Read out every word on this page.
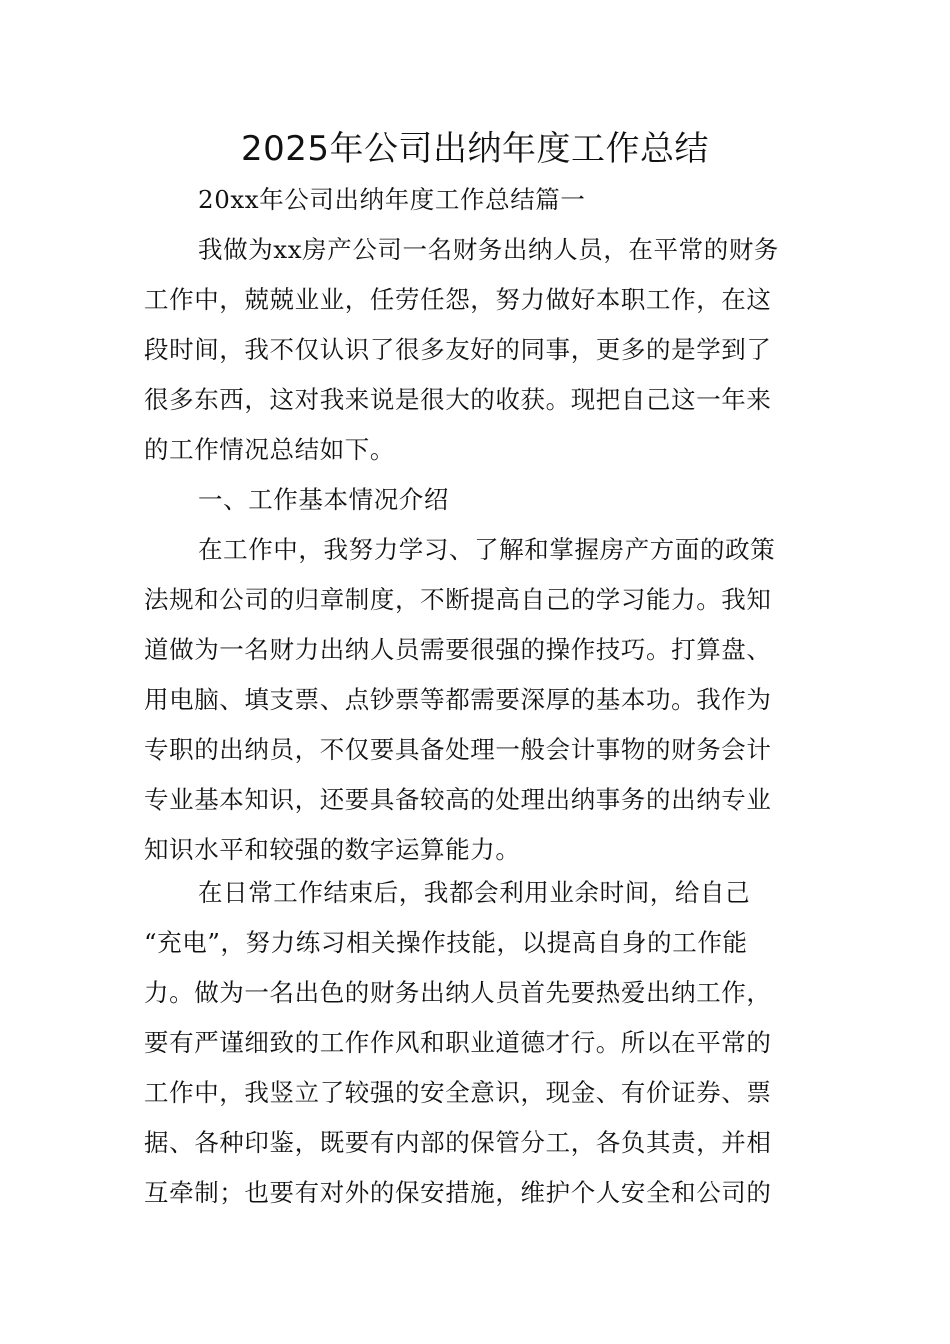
2025年公司出纳年度工作总结
20xx年公司出纳年度工作总结篇一
我做为xx房产公司一名财务出纳人员，在平常的财务
工作中，兢兢业业，任劳任怨，努力做好本职工作，在这
段时间，我不仅认识了很多友好的同事，更多的是学到了
很多东西，这对我来说是很大的收获。现把自己这一年来
的工作情况总结如下。
一、工作基本情况介绍
在工作中，我努力学习、了解和掌握房产方面的政策
法规和公司的归章制度，不断提高自己的学习能力。我知
道做为一名财力出纳人员需要很强的操作技巧。打算盘、
用电脑、填支票、点钞票等都需要深厚的基本功。我作为
专职的出纳员，不仅要具备处理一般会计事物的财务会计
专业基本知识，还要具备较高的处理出纳事务的出纳专业
知识水平和较强的数字运算能力。
在日常工作结束后，我都会利用业余时间，给自己
“充电”，努力练习相关操作技能，以提高自身的工作能
力。做为一名出色的财务出纳人员首先要热爱出纳工作，
要有严谨细致的工作作风和职业道德才行。所以在平常的
工作中，我竖立了较强的安全意识，现金、有价证券、票
据、各种印鉴，既要有内部的保管分工，各负其责，并相
互牵制；也要有对外的保安措施，维护个人安全和公司的
